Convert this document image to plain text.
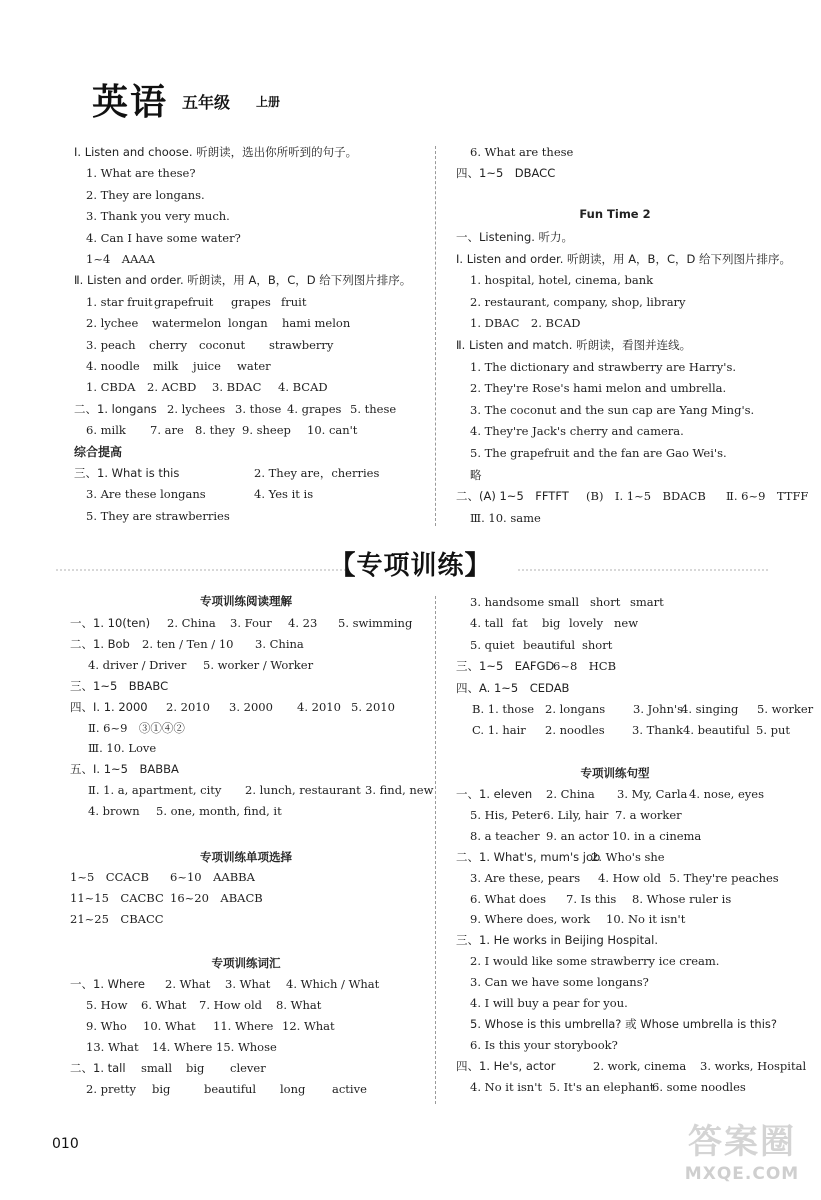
英语 五年级 上册
Ⅰ. Listen and choose. 听朗读，选出你所听到的句子。
1. What are these?
2. They are longans.
3. Thank you very much.
4. Can I have some water?
1~4　AAAA
Ⅱ. Listen and order. 听朗读，用 A，B，C，D 给下列图片排序。
1. star fruit grapefruit grapes fruit
2. lychee watermelon longan hami melon
3. peach cherry coconut strawberry
4. noodle milk juice water
1. CBDA 2. ACBD 3. BDAC 4. BCAD
二、1. longans 2. lychees 3. those 4. grapes 5. these
6. milk 7. are 8. they 9. sheep 10. can't
综合提高
三、1. What is this	2. They are，cherries
3. Are these longans	4. Yes it is
5. They are strawberries
6. What are these
四、1~5　DBACC
Fun Time 2
一、Listening. 听力。
Ⅰ. Listen and order. 听朗读，用 A，B，C，D 给下列图片排序。
1. hospital, hotel, cinema, bank
2. restaurant, company, shop, library
1. DBAC　2. BCAD
Ⅱ. Listen and match. 听朗读，看图并连线。
1. The dictionary and strawberry are Harry's.
2. They're Rose's hami melon and umbrella.
3. The coconut and the sun cap are Yang Ming's.
4. They're Jack's cherry and camera.
5. The grapefruit and the fan are Gao Wei's.
略
二、(A) 1~5　FFTFT (B)　Ⅰ. 1~5　BDACB Ⅱ. 6~9　TTFF
Ⅲ. 10. same
【专项训练】
专项训练阅读理解
一、1. 10(ten) 2. China 3. Four 4. 23 5. swimming
二、1. Bob 2. ten / Ten / 10 3. China
4. driver / Driver 5. worker / Worker
三、1~5　BBABC
四、Ⅰ. 1. 2000 2. 2010 3. 2000 4. 2010 5. 2010
Ⅱ. 6~9　③①④②
Ⅲ. 10. Love
五、Ⅰ. 1~5　BABBA
Ⅱ. 1. a, apartment, city 2. lunch, restaurant 3. find, new
4. brown 5. one, month, find, it
专项训练单项选择
1~5　CCACB 6~10　AABBA
11~15　CACBC 16~20　ABACB
21~25　CBACC
专项训练词汇
一、1. Where 2. What 3. What 4. Which / What
5. How 6. What 7. How old 8. What
9. Who 10. What 11. Where 12. What
13. What 14. Where 15. Whose
二、1. tall small big clever
2. pretty big	beautiful long active
3. handsome small short smart
4. tall fat big lovely new
5. quiet beautiful short
三、1~5　EAFGD
6~8　HCB
四、A. 1~5　CEDAB
B. 1. those 2. longans 3. John's
4. singing 5. worker
C. 1. hair 2. noodles 3. Thank 4. beautiful 5. put
专项训练句型
一、1. eleven 2. China 3. My, Carla 4. nose, eyes
5. His, Peter 6. Lily, hair 7. a worker
8. a teacher 9. an actor 10. in a cinema
二、1. What's, mum's job
2. Who's she
3. Are these, pears 4. How old 5. They're peaches
6. What does 7. Is this 8. Whose ruler is
9. Where does, work 10. No it isn't
三、1. He works in Beijing Hospital.
2. I would like some strawberry ice cream.
3. Can we have some longans?
4. I will buy a pear for you.
5. Whose is this umbrella? 或 Whose umbrella is this?
6. Is this your storybook?
四、1. He's, actor	2. work, cinema 3. works, Hospital
4. No it isn't 5. It's an elephant
6. some noodles
010	答案圈
MXQE.COM
